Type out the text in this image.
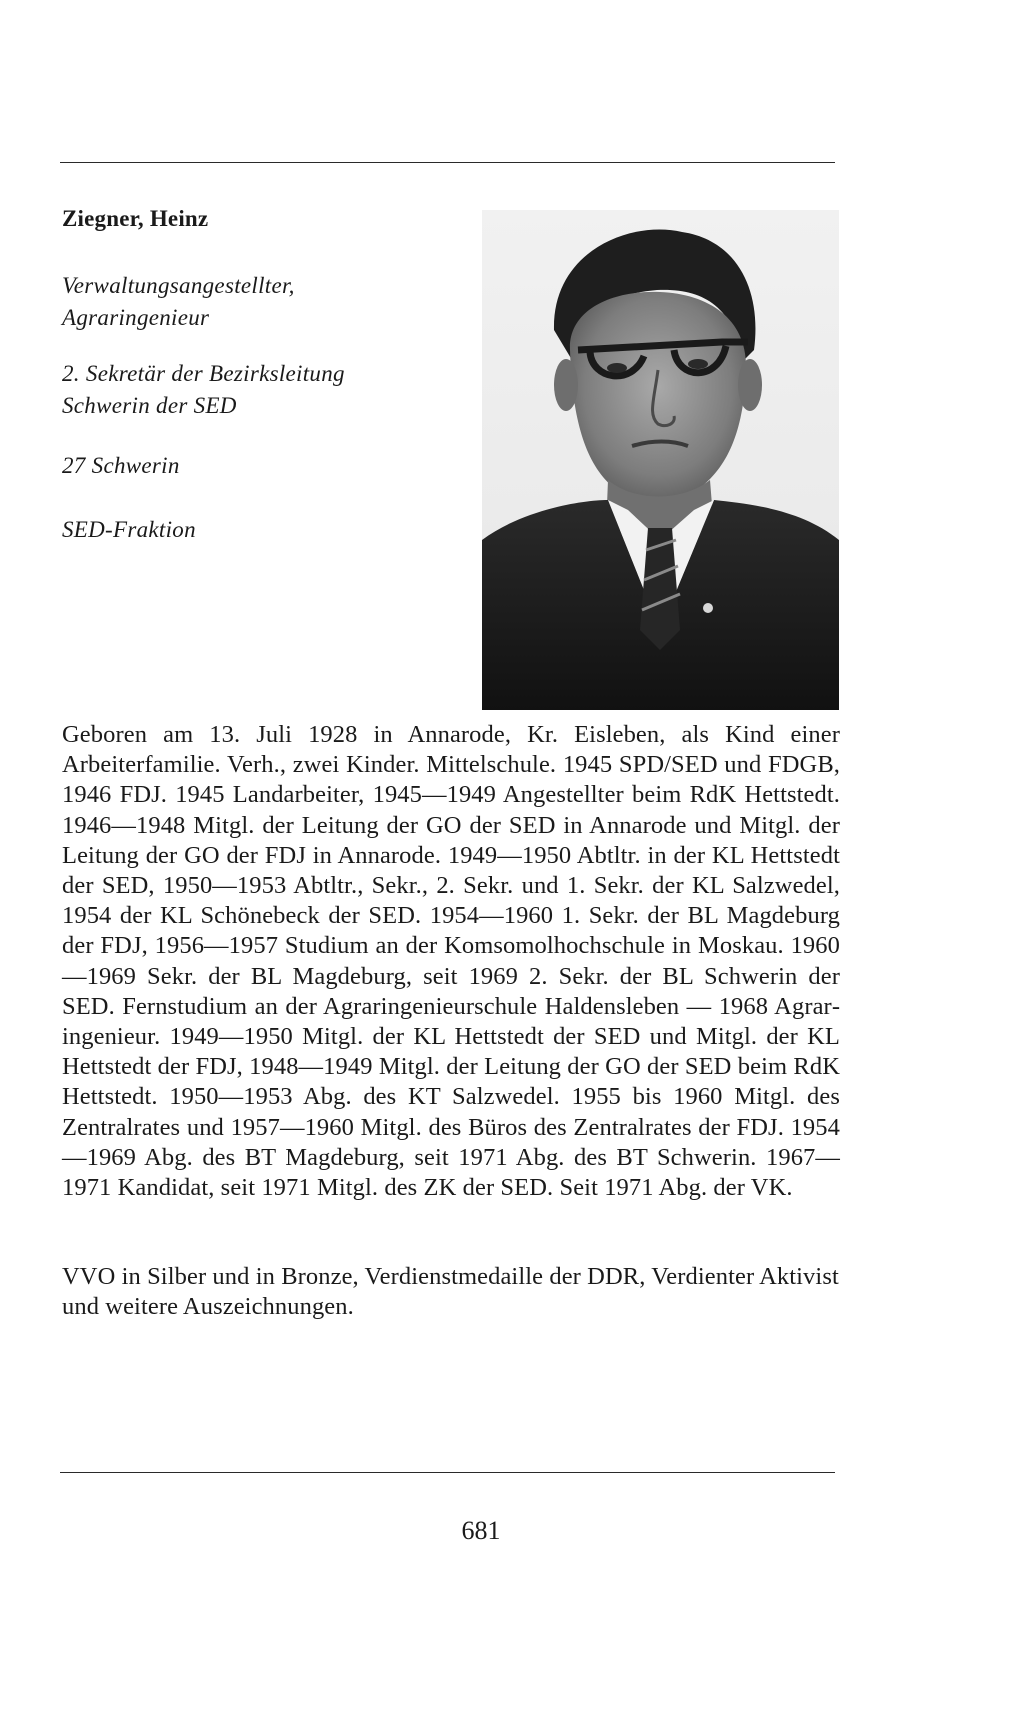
Ziegner, Heinz
Verwaltungsangestellter,
Agraringenieur
2. Sekretär der Bezirksleitung
Schwerin der SED
27 Schwerin
SED-Fraktion
Geboren am 13. Juli 1928 in Annarode, Kr. Eisleben, als Kind einer Arbeiterfamilie. Verh., zwei Kinder. Mittelschule. 1945 SPD/SED und FDGB, 1946 FDJ. 1945 Landarbeiter, 1945—1949 Angestellter beim RdK Hettstedt. 1946—1948 Mitgl. der Leitung der GO der SED in Annarode und Mitgl. der Leitung der GO der FDJ in Annarode. 1949—1950 Abtltr. in der KL Hettstedt der SED, 1950—1953 Abtltr., Sekr., 2. Sekr. und 1. Sekr. der KL Salzwedel, 1954 der KL Schönebeck der SED. 1954—1960 1. Sekr. der BL Magdeburg der FDJ, 1956—1957 Studium an der Komsomolhochschule in Moskau. 1960—1969 Sekr. der BL Magdeburg, seit 1969 2. Sekr. der BL Schwerin der SED. Fernstudium an der Agraringenieurschule Haldensleben — 1968 Agraringenieur. 1949—1950 Mitgl. der KL Hettstedt der SED und Mitgl. der KL Hettstedt der FDJ, 1948—1949 Mitgl. der Leitung der GO der SED beim RdK Hettstedt. 1950—1953 Abg. des KT Salzwedel. 1955 bis 1960 Mitgl. des Zentralrates und 1957—1960 Mitgl. des Büros des Zentralrates der FDJ. 1954—1969 Abg. des BT Magdeburg, seit 1971 Abg. des BT Schwerin. 1967—1971 Kandidat, seit 1971 Mitgl. des ZK der SED. Seit 1971 Abg. der VK.
VVO in Silber und in Bronze, Verdienstmedaille der DDR, Verdienter Aktivist und weitere Auszeichnungen.
681
